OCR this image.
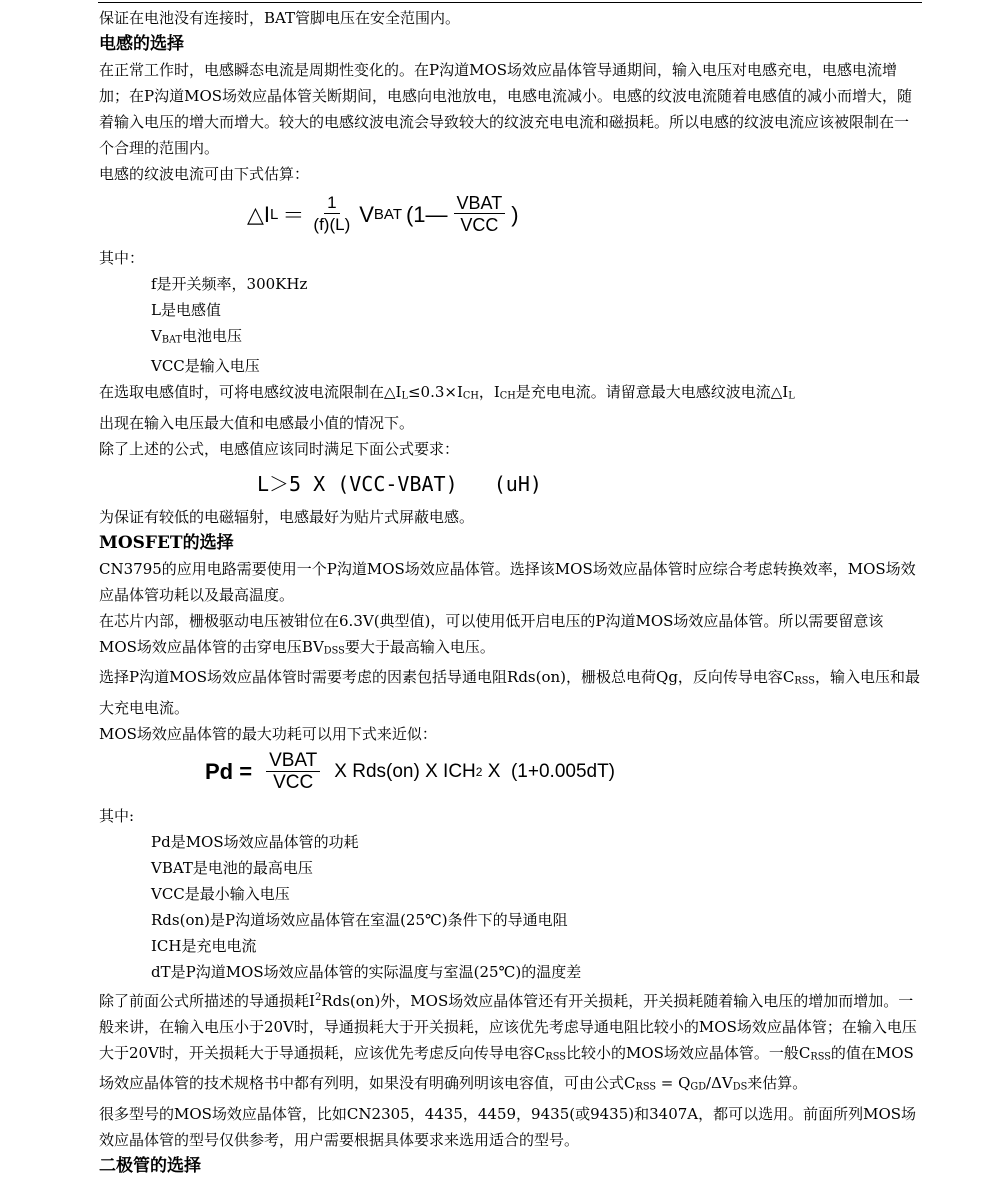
保证在电池没有连接时，BAT管脚电压在安全范围内。

电感的选择

在正常工作时，电感瞬态电流是周期性变化的。在P沟道MOS场效应晶体管导通期间，输入电压对电感充电，电感电流增加；在P沟道MOS场效应晶体管关断期间，电感向电池放电，电感电流减小。电感的纹波电流随着电感值的减小而增大，随着输入电压的增大而增大。较大的电感纹波电流会导致较大的纹波充电电流和磁损耗。所以电感的纹波电流应该被限制在一个合理的范围内。

电感的纹波电流可由下式估算：

△ I $L = \frac{1}{(f)(L)}$ V BAT (1— $\frac{\text{VBAT}}{\text{VCC}}$ )

其中：

f是开关频率，300KHz

L是电感值

$V_{BAT}$电池电压

VCC是输入电压

在选取电感值时，可将电感纹波电流限制在$\triangle I_L\le 0.3\times I_{CH}$，$I_{CH}$是充电电流。请留意最大电感纹波电流$\triangle I_L$
出现在输入电压最大值和电感最小值的情况下。

除了上述的公式，电感值应该同时满足下面公式要求：

L＞5 X (VCC-VBAT)   (uH)

为保证有较低的电磁辐射，电感最好为贴片式屏蔽电感。

MOSFET的选择

CN3795的应用电路需要使用一个P沟道MOS场效应晶体管。选择该MOS场效应晶体管时应综合考虑转换效率，MOS场效应晶体管功耗以及最高温度。

在芯片内部，栅极驱动电压被钳位在6.3V(典型值)，可以使用低开启电压的P沟道MOS场效应晶体管。所以需要留意该MOS场效应晶体管的击穿电压$BV_{DSS}$要大于最高输入电压。

选择P沟道MOS场效应晶体管时需要考虑的因素包括导通电阻Rds(on)，栅极总电荷Qg，反向传导电容$C_{RSS}$，输入电压和最大充电电流。

MOS场效应晶体管的最大功耗可以用下式来近似：

$Pd = \frac{\text{VBAT}}{\text{VCC}}$ X Rds(on) X ICH 2 X  (1+0.005dT)

其中:

Pd是MOS场效应晶体管的功耗

VBAT是电池的最高电压

VCC是最小输入电压

Rds(on)是P沟道场效应晶体管在室温(25℃)条件下的导通电阻

ICH是充电电流

dT是P沟道MOS场效应晶体管的实际温度与室温(25℃)的温度差

除了前面公式所描述的导通损耗$I^2Rds(on)$外，MOS场效应晶体管还有开关损耗，开关损耗随着输入电压的增加而增加。一般来讲，在输入电压小于20V时，导通损耗大于开关损耗，应该优先考虑导通电阻比较小的MOS场效应晶体管；在输入电压大于20V时，开关损耗大于导通损耗，应该优先考虑反向传导电容$C_{RSS}$比较小的MOS场效应晶体管。一般$C_{RSS}$的值在MOS场效应晶体管的技术规格书中都有列明，如果没有明确列明该电容值，可由公式$C_{RSS} = Q_{GD}/\Delta V_{DS}$来估算。

很多型号的MOS场效应晶体管，比如CN2305，4435，4459，9435(或9435)和3407A，都可以选用。前面所列MOS场效应晶体管的型号仅供参考，用户需要根据具体要求来选用适合的型号。

二极管的选择
